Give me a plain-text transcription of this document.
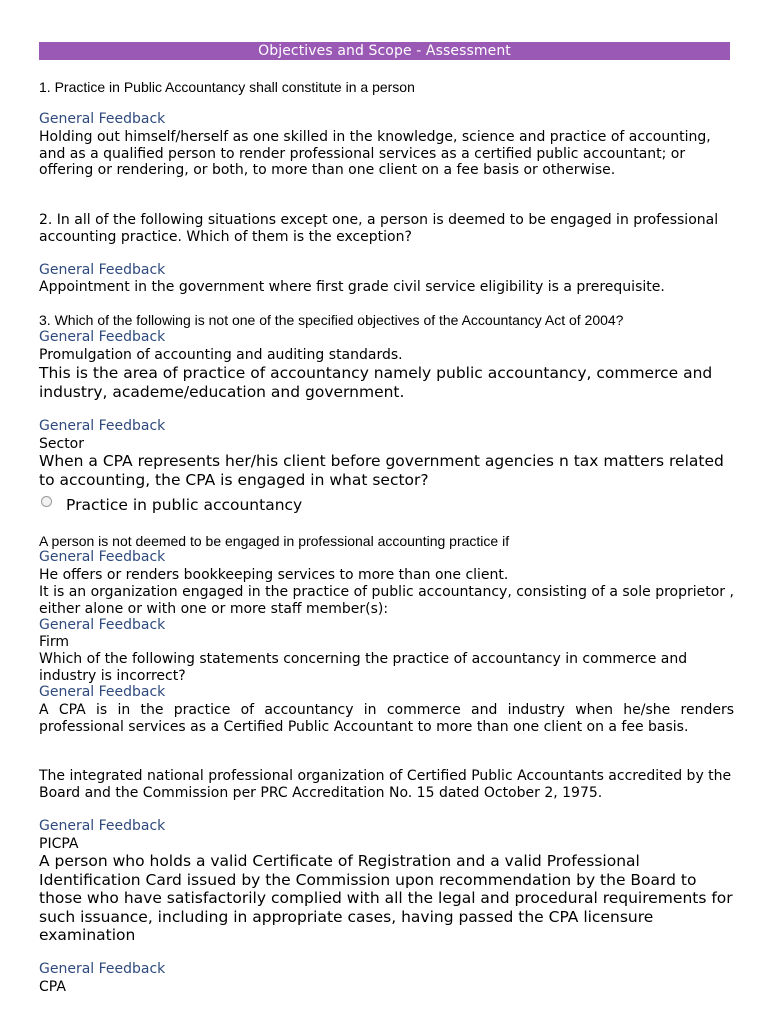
Objectives and Scope - Assessment
1. Practice in Public Accountancy shall constitute in a person
General Feedback
Holding out himself/herself as one skilled in the knowledge, science and practice of accounting, and as a qualified person to render professional services as a certified public accountant; or offering or rendering, or both, to more than one client on a fee basis or otherwise.
2. In all of the following situations except one, a person is deemed to be engaged in professional accounting practice. Which of them is the exception?
General Feedback
Appointment in the government where first grade civil service eligibility is a prerequisite.
3. Which of the following is not one of the specified objectives of the Accountancy Act of 2004?
General Feedback
Promulgation of accounting and auditing standards.
This is the area of practice of accountancy namely public accountancy, commerce and industry, academe/education and government.
General Feedback
Sector
When a CPA represents her/his client before government agencies n tax matters related to accounting, the CPA is engaged in what sector?
Practice in public accountancy
A person is not deemed to be engaged in professional accounting practice if
General Feedback
He offers or renders bookkeeping services to more than one client.
It is an organization engaged in the practice of public accountancy, consisting of a sole proprietor , either alone or with one or more staff member(s):
General Feedback
Firm
Which of the following statements concerning the practice of accountancy in commerce and industry is incorrect?
General Feedback
A CPA is in the practice of accountancy in commerce and industry when he/she renders professional services as a Certified Public Accountant to more than one client on a fee basis.
The integrated national professional organization of Certified Public Accountants accredited by the Board and the Commission per PRC Accreditation No. 15 dated October 2, 1975.
General Feedback
PICPA
A person who holds a valid Certificate of Registration and a valid Professional Identification Card issued by the Commission upon recommendation by the Board to those who have satisfactorily complied with all the legal and procedural requirements for such issuance, including in appropriate cases, having passed the CPA licensure examination
General Feedback
CPA
